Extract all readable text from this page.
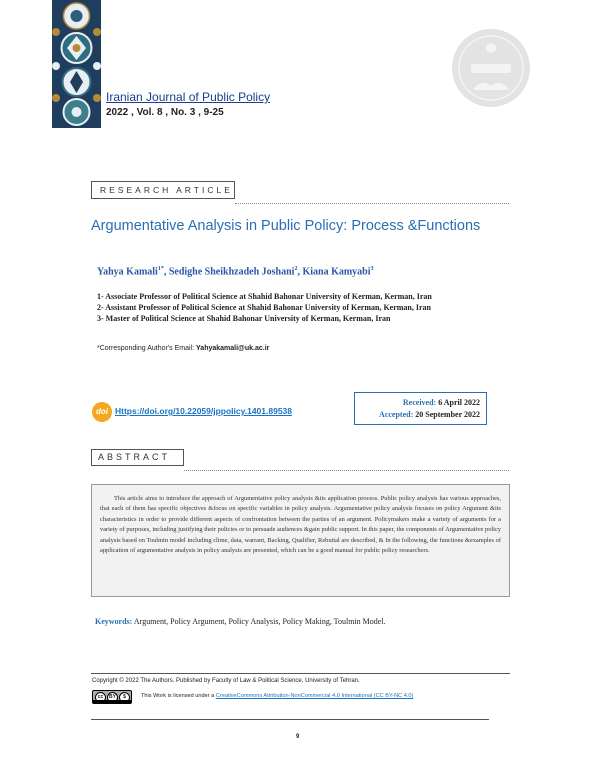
Iranian Journal of Public Policy
2022 , Vol. 8 , No. 3 , 9-25
RESEARCH ARTICLE
Argumentative Analysis in Public Policy: Process &Functions
Yahya Kamali$^{1*}$, Sedighe Sheikhzadeh Joshani$^2$, Kiana Kamyabi$^3$
1- Associate Professor of Political Science at Shahid Bahonar University of Kerman, Kerman, Iran
2- Assistant Professor of Political Science at Shahid Bahonar University of Kerman, Kerman, Iran
3- Master of Political Science at Shahid Bahonar University of Kerman, Kerman, Iran
*Corresponding Author's Email: Yahyakamali@uk.ac.ir
doi Https://doi.org/10.22059/jppolicy.1401.89538
Received: 6 April 2022
Accepted: 20 September 2022
ABSTRACT
This article aims to introduce the approach of Argumentative policy analysis &its application process. Public policy analysis has various approaches, that each of them has specific objectives &focus on specific variables in policy analysis. Argumentative policy analysis focuses on policy Argument &its characteristics in order to provide different aspects of confrontation between the parties of an argument. Policymakers make a variety of arguments for a variety of purposes, including justifying their policies or to persuade audiences &gain public support. In this paper, the components of Argumentative policy analysis based on Toulmin model including clime, data, warrant, Backing, Qualifier, Rebuttal are described, & In the following, the functions &examples of application of argumentative analysis in policy analysis are presented, which can be a good manual for public policy researchers.
Keywords: Argument, Policy Argument, Policy Analysis, Policy Making, Toulmin Model.
Copyright © 2022 The Authors. Published by Faculty of Law & Political Science, University of Tehran.
cc	BY	$	This Work is licensed under a CreativeCommons Attribution-NonCommercial 4.0 International (CC BY-NC 4.0)
9
